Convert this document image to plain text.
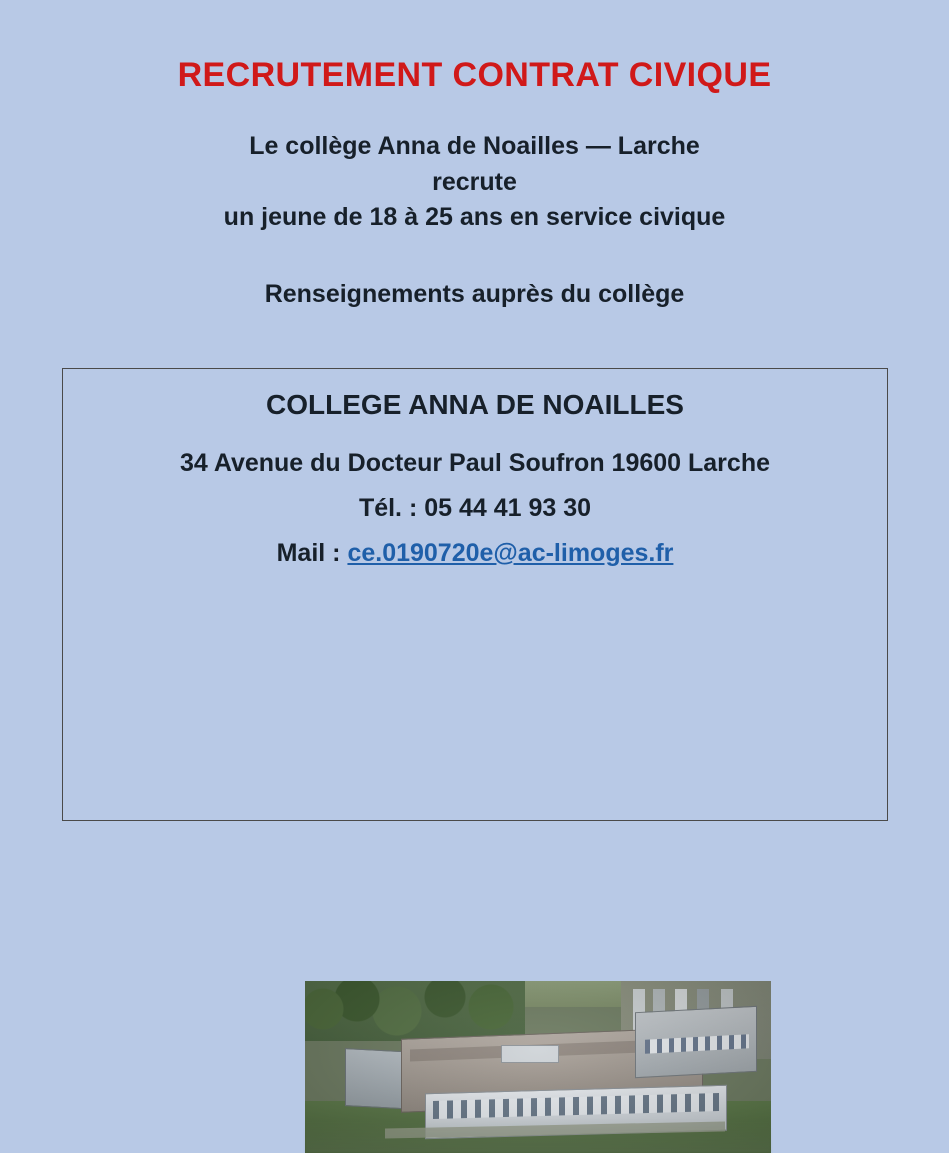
RECRUTEMENT CONTRAT CIVIQUE
Le collège Anna de Noailles — Larche
recrute
un jeune de 18 à 25 ans en service civique
Renseignements auprès du collège
COLLEGE ANNA DE NOAILLES
34 Avenue du Docteur Paul Soufron 19600 Larche
Tél. : 05 44 41 93 30
Mail : ce.0190720e@ac-limoges.fr
